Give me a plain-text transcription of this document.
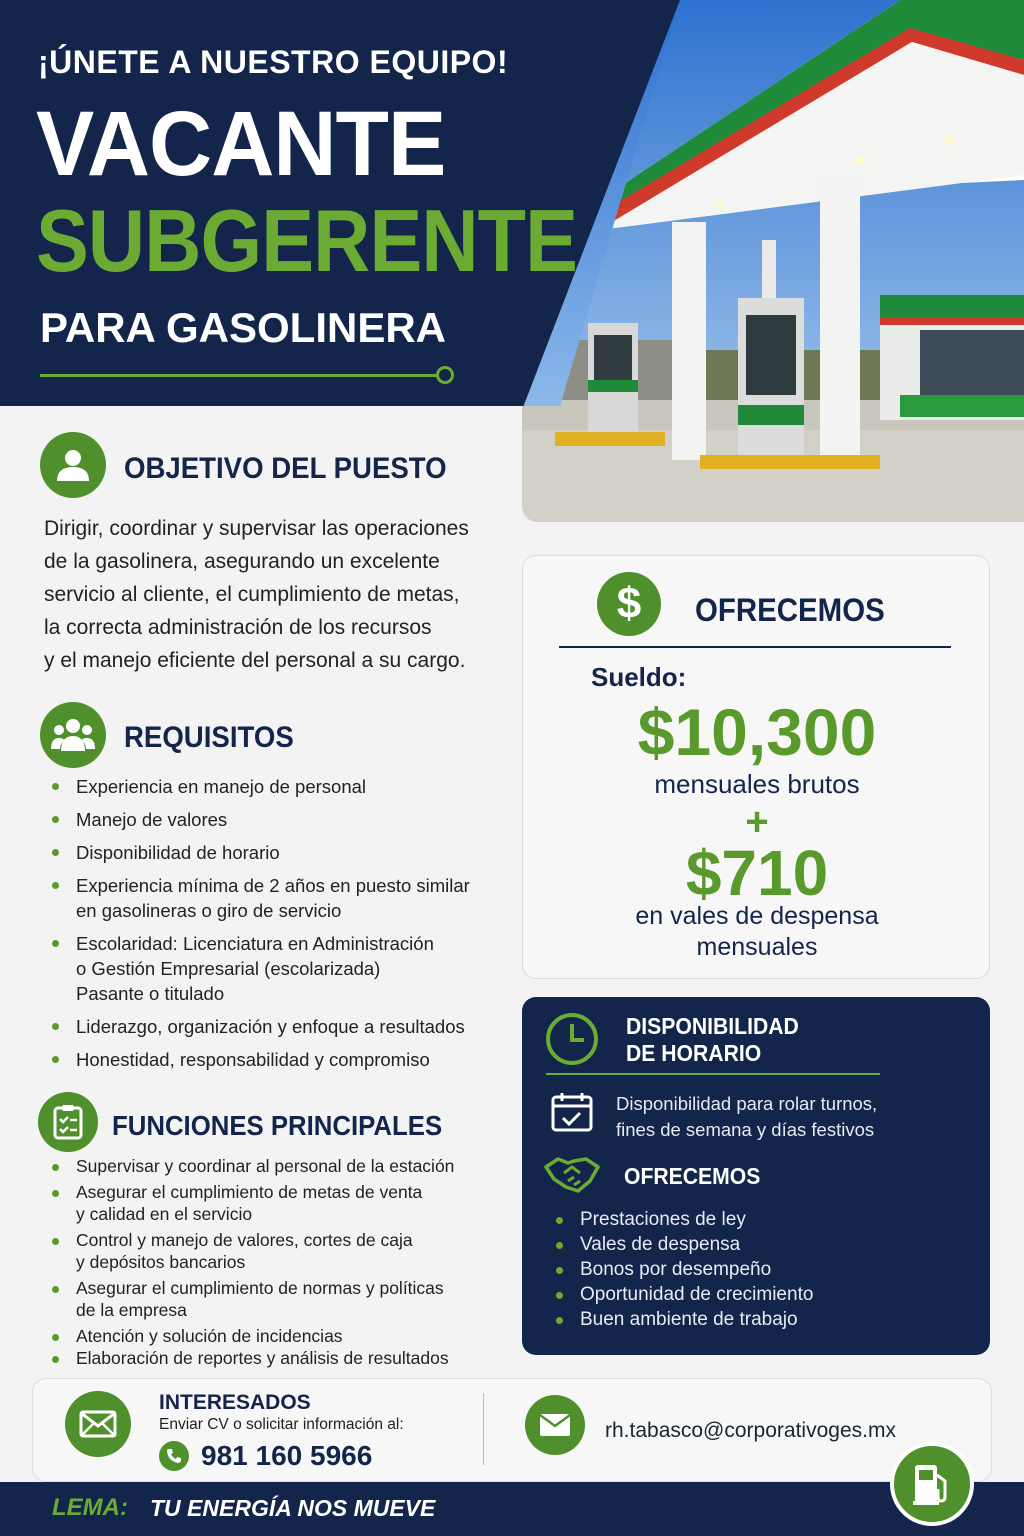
¡ÚNETE A NUESTRO EQUIPO!
VACANTE
SUBGERENTE
PARA GASOLINERA
OBJETIVO DEL PUESTO
Dirigir, coordinar y supervisar las operaciones
de la gasolinera, asegurando un excelente
servicio al cliente, el cumplimiento de metas,
la correcta administración de los recursos
y el manejo eficiente del personal a su cargo.
REQUISITOS
Experiencia en manejo de personal
Manejo de valores
Disponibilidad de horario
Experiencia mínima de 2 años en puesto similar
en gasolineras o giro de servicio
Escolaridad: Licenciatura en Administración
o Gestión Empresarial (escolarizada)
Pasante o titulado
Liderazgo, organización y enfoque a resultados
Honestidad, responsabilidad y compromiso
FUNCIONES PRINCIPALES
Supervisar y coordinar al personal de la estación
Asegurar el cumplimiento de metas de venta
y calidad en el servicio
Control y manejo de valores, cortes de caja
y depósitos bancarios
Asegurar el cumplimiento de normas y políticas
de la empresa
Atención y solución de incidencias
Elaboración de reportes y análisis de resultados
$ OFRECEMOS
Sueldo:
$10,300
mensuales brutos
+
$710
en vales de despensa
mensuales
DISPONIBILIDAD
DE HORARIO
Disponibilidad para rolar turnos,
fines de semana y días festivos
OFRECEMOS
Prestaciones de ley
Vales de despensa
Bonos por desempeño
Oportunidad de crecimiento
Buen ambiente de trabajo
INTERESADOS
Enviar CV o solicitar información al:
981 160 5966
rh.tabasco@corporativoges.mx
LEMA: TU ENERGÍA NOS MUEVE
